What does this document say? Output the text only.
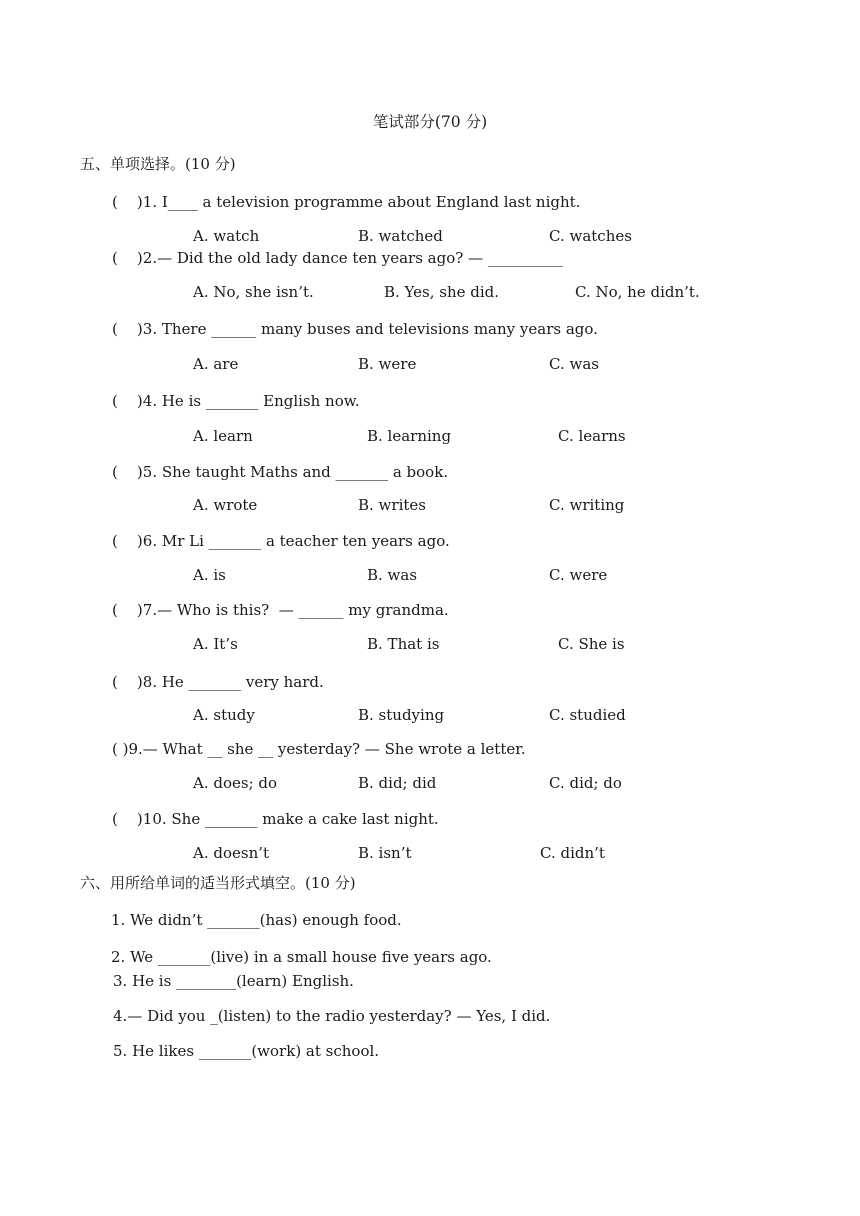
笔试部分(70 分)
五、单项选择。(10 分)
(    )1. I____ a television programme about England last night.
A. watch	B. watched	C. watches
(    )2.— Did the old lady dance ten years ago? — __________
A. No, she isn’t.	B. Yes, she did.	C. No, he didn’t.
(    )3. There ______ many buses and televisions many years ago.
A. are	B. were	C. was
(    )4. He is _______ English now.
A. learn	B. learning	C. learns
(    )5. She taught Maths and _______ a book.
A. wrote	B. writes	C. writing
(    )6. Mr Li _______ a teacher ten years ago.
A. is	B. was	C. were
(    )7.— Who is this?  — ______ my grandma.
A. It’s	B. That is	C. She is
(    )8. He _______ very hard.
A. study	B. studying	C. studied
( )9.— What __ she __ yesterday? — She wrote a letter.
A. does; do	B. did; did	C. did; do
(    )10. She _______ make a cake last night.
A. doesn’t	B. isn’t	C. didn’t
六、用所给单词的适当形式填空。(10 分)
1. We didn’t _______(has) enough food.
2. We _______(live) in a small house five years ago.
3. He is ________(learn) English.
4.— Did you _(listen) to the radio yesterday? — Yes, I did.
5. He likes _______(work) at school.
